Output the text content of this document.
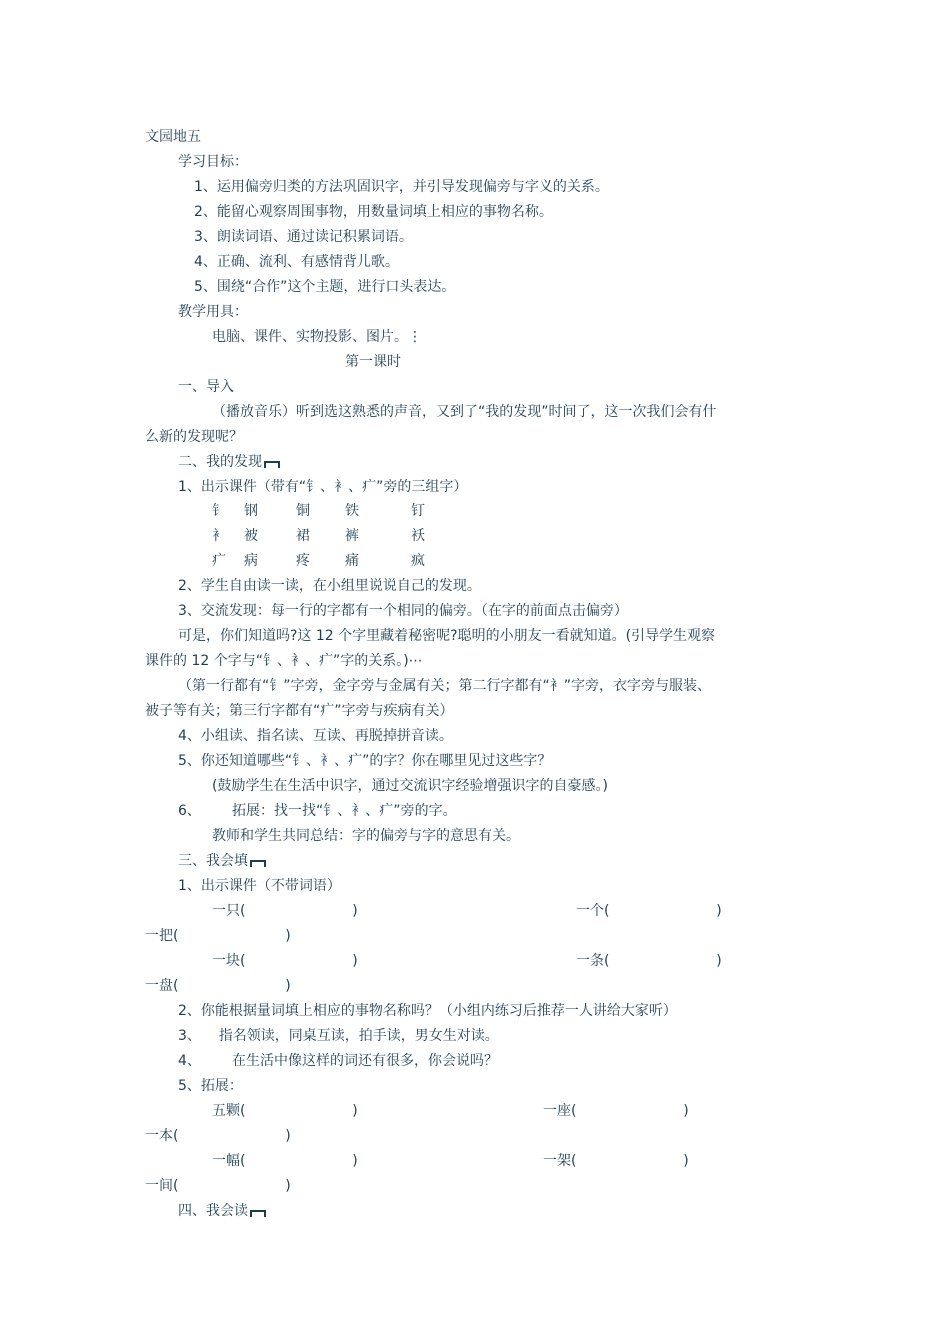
文园地五
学习目标：
1、运用偏旁归类的方法巩固识字，并引导发现偏旁与字义的关系。
2、能留心观察周围事物，用数量词填上相应的事物名称。
3、朗读词语、通过读记积累词语。
4、正确、流利、有感情背儿歌。
5、围绕“合作”这个主题，进行口头表达。
教学用具：
电脑、课件、实物投影、图片。⋮
第一课时
一、导入
（播放音乐）听到选这熟悉的声音，又到了“我的发现”时间了，这一次我们会有什
么新的发现呢？
二、我的发现
1、出示课件（带有“钅、衤、疒”旁的三组字）
钅 钢	铜	铁	钉
衤 被	裙	裤	袄
疒 病	疼	痛	疯
2、学生自由读一读，在小组里说说自己的发现。
3、交流发现：每一行的字都有一个相同的偏旁。（在字的前面点击偏旁）
可是，你们知道吗?这 12 个字里藏着秘密呢?聪明的小朋友一看就知道。(引导学生观察
课件的 12 个字与“钅、衤、疒”字的关系。)⋯
（第一行都有“钅”字旁，金字旁与金属有关；第二行字都有“衤”字旁，衣字旁与服装、
被子等有关；第三行字都有“疒”字旁与疾病有关）
4、小组读、指名读、互读、再脱掉拼音读。
5、你还知道哪些“钅、衤、疒”的字？你在哪里见过这些字？
(鼓励学生在生活中识字，通过交流识字经验增强识字的自豪感。)
6、       拓展：找一找“钅、衤、疒”旁的字。
教师和学生共同总结：字的偏旁与字的意思有关。
三、我会填
1、出示课件（不带词语）
一只(                        )	一个(                        )
一把(                        )
一块(                        )	一条(                        )
一盘(                        )
2、你能根据量词填上相应的事物名称吗？（小组内练习后推荐一人讲给大家听）
3、    指名领读，同桌互读，拍手读，男女生对读。
4、       在生活中像这样的词还有很多，你会说吗？
5、拓展：
五颗(                        )	一座(                        )
一本(                        )
一幅(                        )	一架(                        )
一间(                        )
四、我会读
